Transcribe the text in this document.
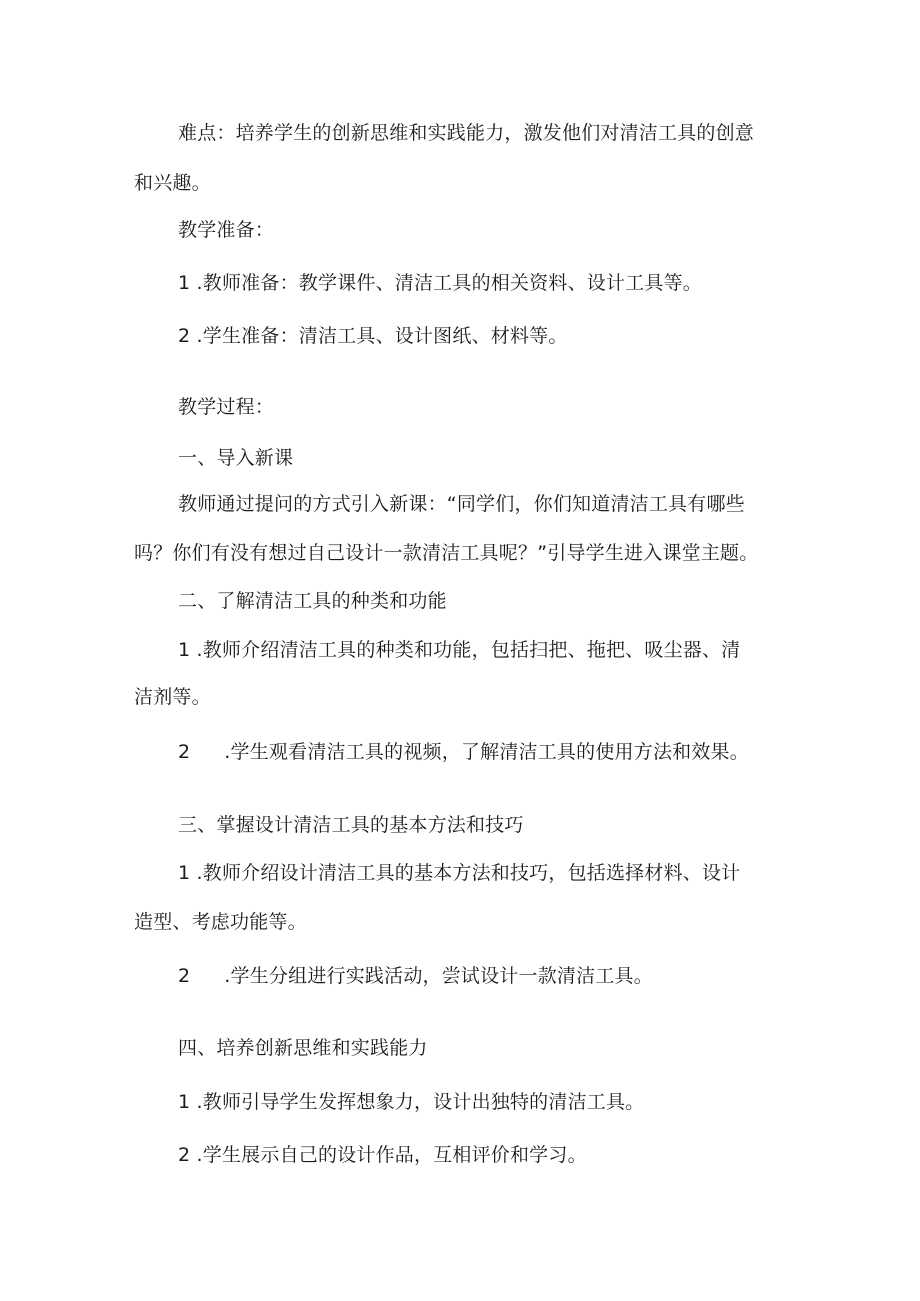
难点：培养学生的创新思维和实践能力，激发他们对清洁工具的创意
和兴趣。
教学准备：
1 .教师准备：教学课件、清洁工具的相关资料、设计工具等。
2 .学生准备：清洁工具、设计图纸、材料等。
教学过程：
一、导入新课
教师通过提问的方式引入新课：“同学们，你们知道清洁工具有哪些
吗？你们有没有想过自己设计一款清洁工具呢？”引导学生进入课堂主题。
二、了解清洁工具的种类和功能
1 .教师介绍清洁工具的种类和功能，包括扫把、拖把、吸尘器、清
洁剂等。
2 .学生观看清洁工具的视频，了解清洁工具的使用方法和效果。
三、掌握设计清洁工具的基本方法和技巧
1 .教师介绍设计清洁工具的基本方法和技巧，包括选择材料、设计
造型、考虑功能等。
2 .学生分组进行实践活动，尝试设计一款清洁工具。
四、培养创新思维和实践能力
1 .教师引导学生发挥想象力，设计出独特的清洁工具。
2 .学生展示自己的设计作品，互相评价和学习。
